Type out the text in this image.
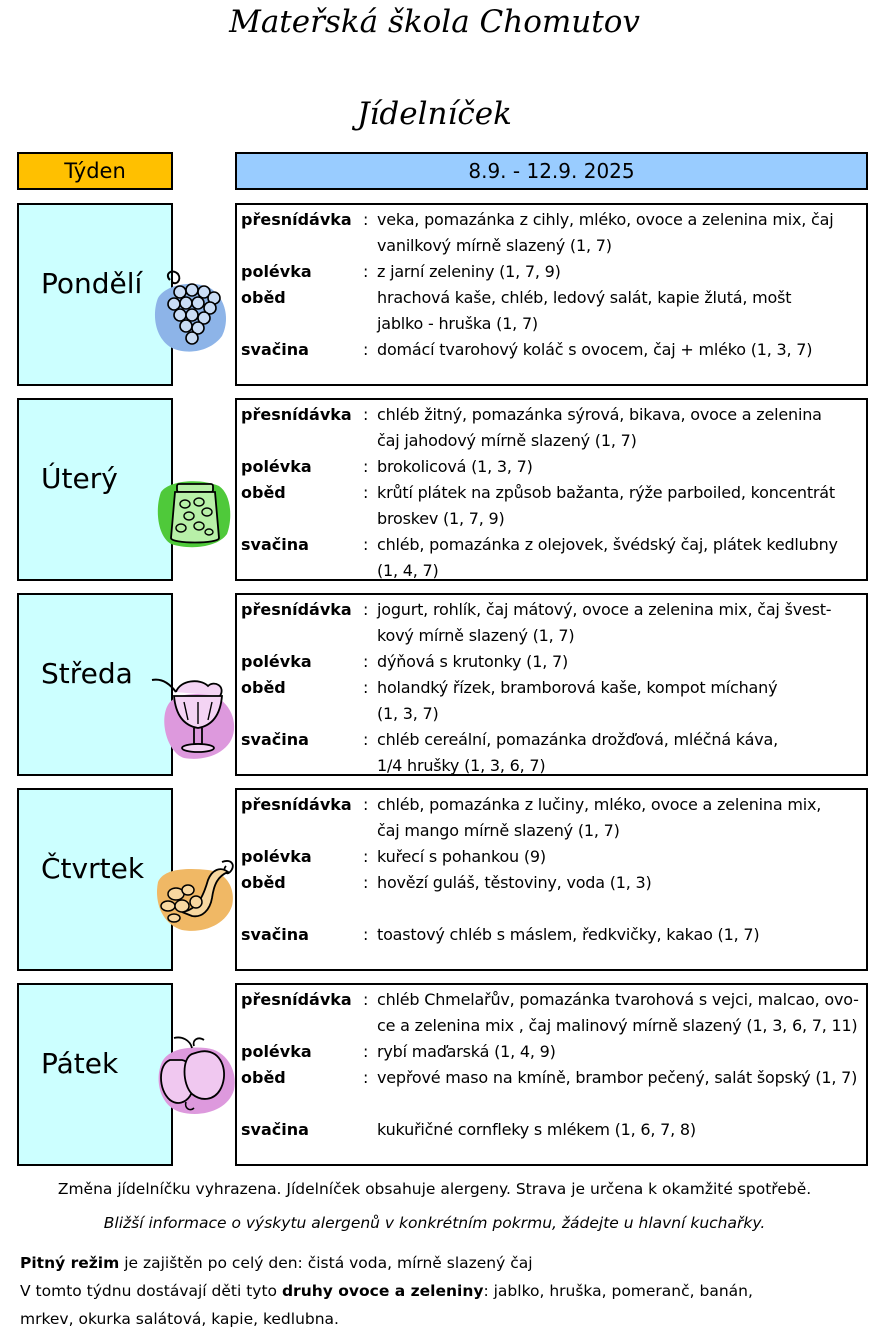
Mateřská škola Chomutov
Jídelníček
Týden	8.9. - 12.9. 2025
Pondělí
přesnídávka : veka, pomazánka z cihly, mléko, ovoce a zelenina mix, čaj
vanilkový mírně slazený (1, 7)
polévka	: z jarní zeleniny (1, 7, 9)
oběd	hrachová kaše, chléb, ledový salát, kapie žlutá, mošt
jablko - hruška (1, 7)
svačina	: domácí tvarohový koláč s ovocem, čaj + mléko (1, 3, 7)
Úterý
přesnídávka : chléb žitný, pomazánka sýrová, bikava, ovoce a zelenina
čaj jahodový mírně slazený (1, 7)
polévka	: brokolicová (1, 3, 7)
oběd	: krůtí plátek na způsob bažanta, rýže parboiled, koncentrát
broskev (1, 7, 9)
svačina	: chléb, pomazánka z olejovek, švédský čaj, plátek kedlubny
(1, 4, 7)
Středa
přesnídávka : jogurt, rohlík, čaj mátový, ovoce a zelenina mix, čaj švest-
kový mírně slazený (1, 7)
polévka	: dýňová s krutonky (1, 7)
oběd	: holandký řízek, bramborová kaše, kompot míchaný
(1, 3, 7)
svačina	: chléb cereální, pomazánka drožďová, mléčná káva,
1/4 hrušky (1, 3, 6, 7)
Čtvrtek
přesnídávka : chléb, pomazánka z lučiny, mléko, ovoce a zelenina mix,
čaj mango mírně slazený (1, 7)
polévka	: kuřecí s pohankou (9)
oběd	: hovězí guláš, těstoviny, voda (1, 3)
svačina	: toastový chléb s máslem, ředkvičky, kakao (1, 7)
Pátek
přesnídávka : chléb Chmelařův, pomazánka tvarohová s vejci, malcao, ovo-
ce a zelenina mix , čaj malinový mírně slazený (1, 3, 6, 7, 11)
polévka	: rybí maďarská (1, 4, 9)
oběd	: vepřové maso na kmíně, brambor pečený, salát šopský (1, 7)
svačina	kukuřičné cornfleky s mlékem (1, 6, 7, 8)
Změna jídelníčku vyhrazena. Jídelníček obsahuje alergeny. Strava je určena k okamžité spotřebě.
Bližší informace o výskytu alergenů v konkrétním pokrmu, žádejte u hlavní kuchařky.
Pitný režim je zajištěn po celý den: čistá voda, mírně slazený čaj
V tomto týdnu dostávají děti tyto druhy ovoce a zeleniny: jablko, hruška, pomeranč, banán,
mrkev, okurka salátová, kapie, kedlubna.
